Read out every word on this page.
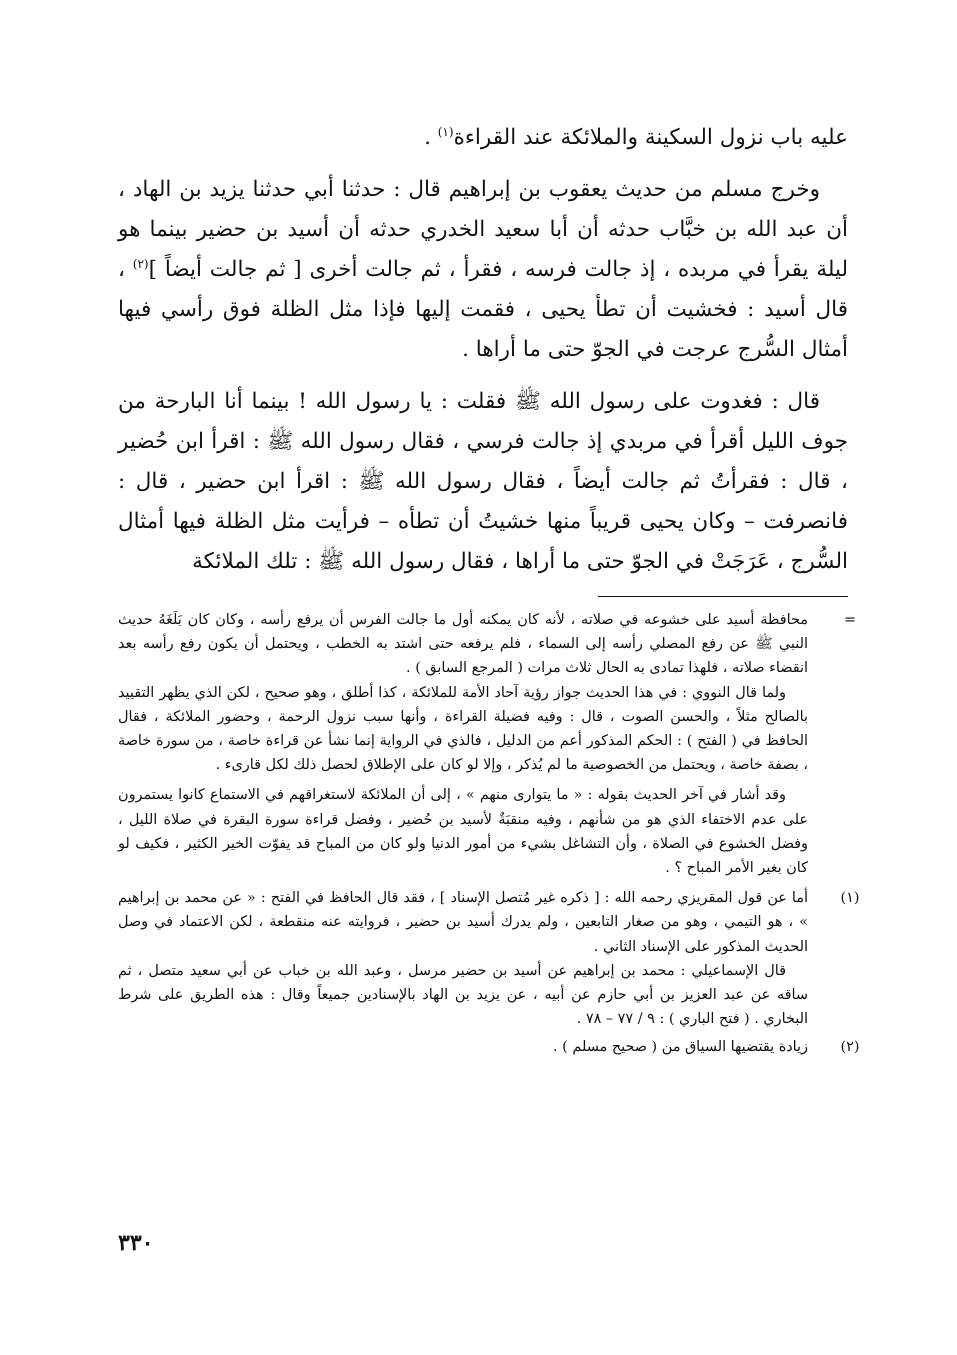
عليه باب نزول السكينة والملائكة عند القراءة$^{(١)}$ .

وخرج مسلم من حديث يعقوب بن إبراهيم قال : حدثنا أبي حدثنا يزيد بن الهاد ، أن عبد الله بن خبَّاب حدثه أن أبا سعيد الخدري حدثه أن أسيد بن حضير بينما هو ليلة يقرأ في مربده ، إذ جالت فرسه ، فقرأ ، ثم جالت أخرى [ ثم جالت أيضاً ]$^{(٢)}$ ، قال أسيد : فخشيت أن تطأ يحيى ، فقمت إليها فإذا مثل الظلة فوق رأسي فيها أمثال السُّرج عرجت في الجوّ حتى ما أراها .

قال : فغدوت على رسول الله ﷺ فقلت : يا رسول الله ! بينما أنا البارحة من جوف الليل أقرأ في مربدي إذ جالت فرسي ، فقال رسول الله ﷺ : اقرأ ابن حُضير ، قال : فقرأتُ ثم جالت أيضاً ، فقال رسول الله ﷺ : اقرأ ابن حضير ، قال : فانصرفت – وكان يحيى قريباً منها خشيتُ أن تطأه – فرأيت مثل الظلة فيها أمثال السُّرج ، عَرَجَتْ في الجوّ حتى ما أراها ، فقال رسول الله ﷺ : تلك الملائكة

=

محافظة أسيد على خشوعه في صلاته ، لأنه كان يمكنه أول ما جالت الفرس أن يرفع رأسه ، وكان كان بَلَغَهُ حديث النبي ﷺ عن رفع المصلي رأسه إلى السماء ، فلم يرفعه حتى اشتد به الخطب ، ويحتمل أن يكون رفع رأسه بعد انقضاء صلاته ، فلهذا تمادى به الحال ثلاث مرات ( المرجع السابق ) .

ولما قال النووي : في هذا الحديث جواز رؤية آحاد الأمة للملائكة ، كذا أطلق ، وهو صحيح ، لكن الذي يظهر التقييد بالصالح مثلاً ، والحسن الصوت ، قال : وفيه فضيلة القراءة ، وأنها سبب نزول الرحمة ، وحضور الملائكة ، فقال الحافظ في ( الفتح ) : الحكم المذكور أعم من الدليل ، فالذي في الرواية إنما نشأ عن قراءة خاصة ، من سورة خاصة ، بصفة خاصة ، ويحتمل من الخصوصية ما لم يُذكر ، وإلا لو كان على الإطلاق لحصل ذلك لكل قارىء .

وقد أشار في آخر الحديث بقوله : « ما يتوارى منهم » ، إلى أن الملائكة لاستغراقهم في الاستماع كانوا يستمرون على عدم الاختفاء الذي هو من شأنهم ، وفيه منقبَةٌ لأسيد بن حُضير ، وفضل قراءة سورة البقرة في صلاة الليل ، وفضل الخشوع في الصلاة ، وأن التشاغل بشيء من أمور الدنيا ولو كان من المباح قد يفوّت الخير الكثير ، فكيف لو كان بغير الأمر المباح ؟ .

(١)

أما عن قول المقريزي رحمه الله : [ ذكره غير مُتصل الإسناد ] ، فقد قال الحافظ في الفتح : « عن محمد بن إبراهيم » ، هو التيمي ، وهو من صغار التابعين ، ولم يدرك أسيد بن حضير ، فروايته عنه منقطعة ، لكن الاعتماد في وصل الحديث المذكور على الإسناد الثاني .

قال الإسماعيلي : محمد بن إبراهيم عن أسيد بن حضير مرسل ، وعبد الله بن خباب عن أبي سعيد متصل ، ثم ساقه عن عبد العزيز بن أبي حازم عن أبيه ، عن يزيد بن الهاد بالإسنادين جميعاً وقال : هذه الطريق على شرط البخاري . ( فتح الباري ) : ٩ / ٧٧ – ٧٨ .

(٢)

زيادة يقتضيها السياق من ( صحيح مسلم ) .

٣٣٠
